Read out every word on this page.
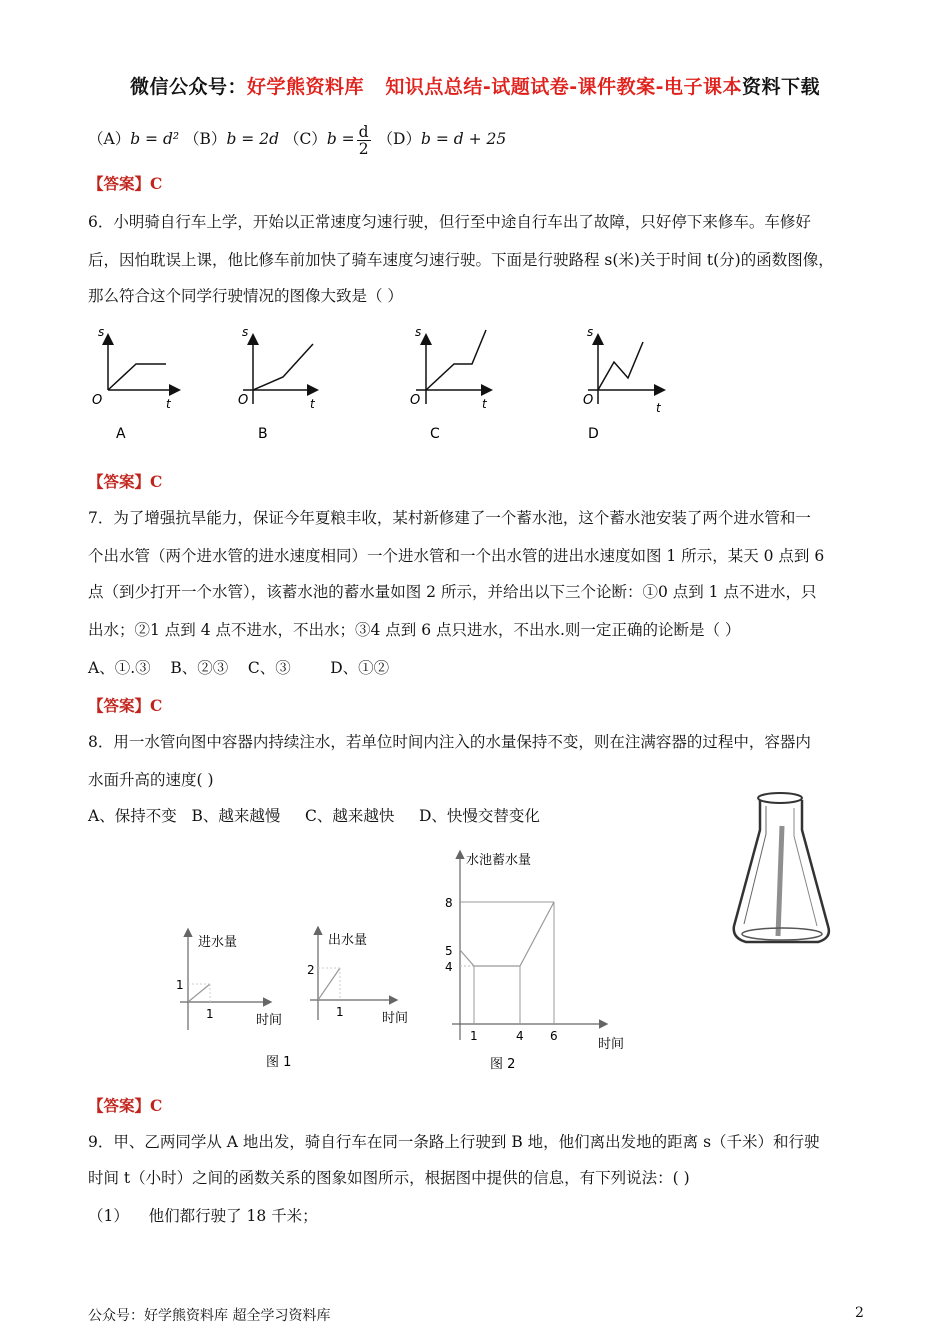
微信公众号：好学熊资料库 知识点总结-试题试卷-课件教案-电子课本资料下载
（A）b = d² （B）b = 2d $(C)b = \frac{d}{2} (D)b = d + 25$
【答案】C
6．小明骑自行车上学，开始以正常速度匀速行驶，但行至中途自行车出了故障，只好停下来修车。车修好
后，因怕耽误上课，他比修车前加快了骑车速度匀速行驶。下面是行驶路程 s(米)关于时间 t(分)的函数图像，
那么符合这个同学行驶情况的图像大致是（ ）
s
O	t
A
s
O	t
B
s
O	t
C
s
O	t
D
【答案】C
7．为了增强抗旱能力，保证今年夏粮丰收，某村新修建了一个蓄水池，这个蓄水池安装了两个进水管和一
个出水管（两个进水管的进水速度相同）一个进水管和一个出水管的进出水速度如图 1 所示，某天 0 点到 6
点（到少打开一个水管），该蓄水池的蓄水量如图 2 所示，并给出以下三个论断：①0 点到 1 点不进水，只
出水；②1 点到 4 点不进水，不出水；③4 点到 6 点只进水，不出水.则一定正确的论断是（ ）
A、①.③    B、②③    C、③        D、①②
【答案】C
8．用一水管向图中容器内持续注水，若单位时间内注入的水量保持不变，则在注满容器的过程中，容器内
水面升高的速度( )
A、保持不变   B、越来越慢     C、越来越快     D、快慢交替变化
进水量
1
1	时间
出水量
2
1	时间
图 1
水池蓄水量
8
5
4
1	4 6
时间
图 2
【答案】C
9．甲、乙两同学从 A 地出发，骑自行车在同一条路上行驶到 B 地，他们离出发地的距离 s（千米）和行驶
时间 t（小时）之间的函数关系的图象如图所示，根据图中提供的信息，有下列说法：( )
（1）    他们都行驶了 18 千米；
公众号：好学熊资料库 超全学习资料库	2
